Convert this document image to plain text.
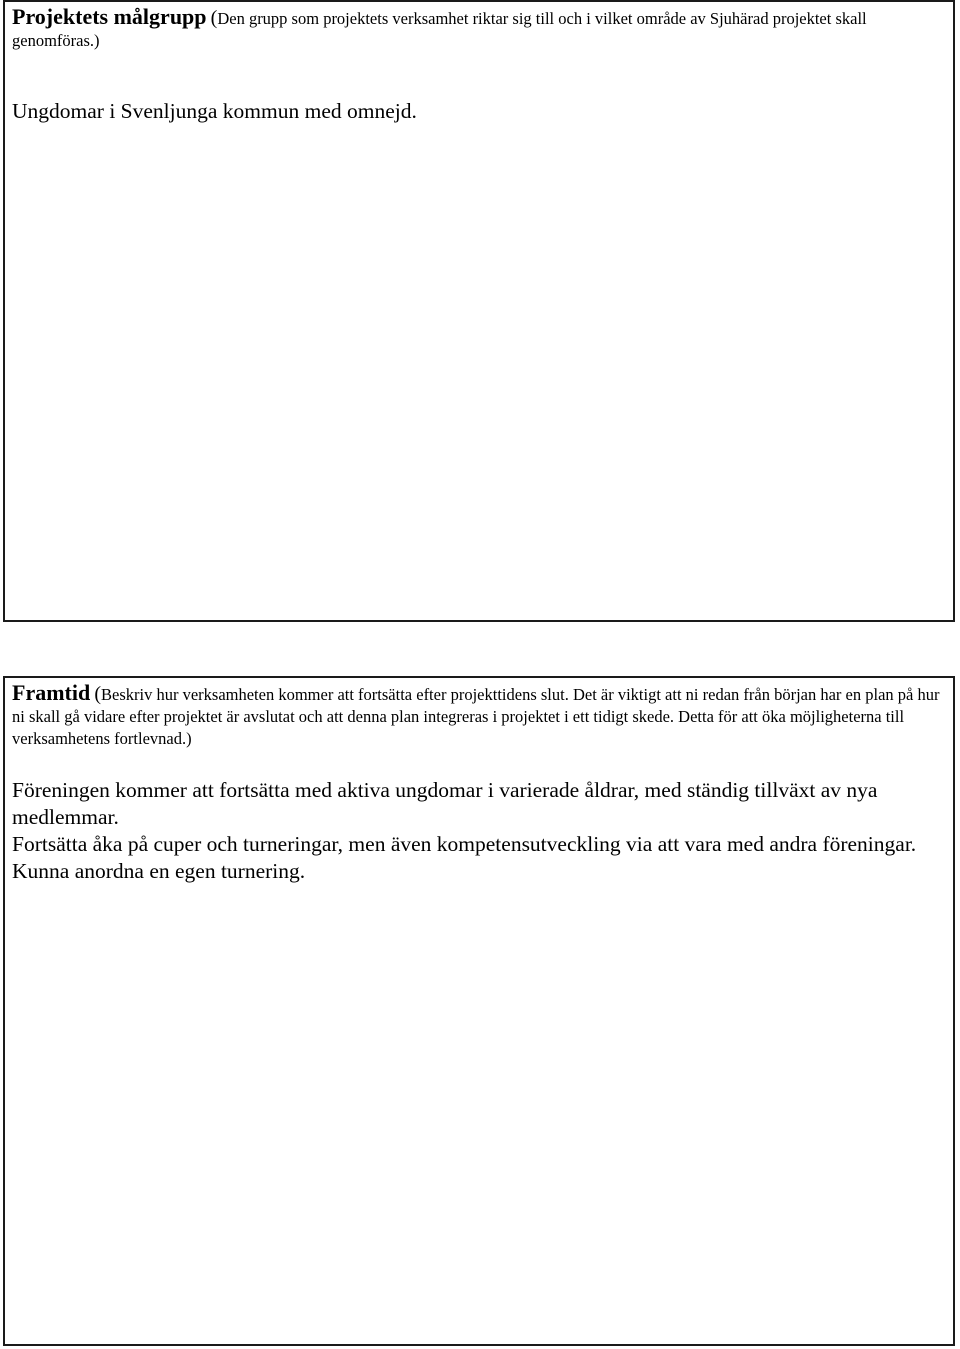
Projektets målgrupp (Den grupp som projektets verksamhet riktar sig till och i vilket område av Sjuhärad projektet skall genomföras.)

Ungdomar i Svenljunga kommun med omnejd.

Framtid (Beskriv hur verksamheten kommer att fortsätta efter projekttidens slut. Det är viktigt att ni redan från början har en plan på hur ni skall gå vidare efter projektet är avslutat och att denna plan integreras i projektet i ett tidigt skede. Detta för att öka möjligheterna till verksamhetens fortlevnad.)

Föreningen kommer att fortsätta med aktiva ungdomar i varierade åldrar, med ständig tillväxt av nya medlemmar.
Fortsätta åka på cuper och turneringar, men även kompetensutveckling via att vara med andra föreningar.
Kunna anordna en egen turnering.
